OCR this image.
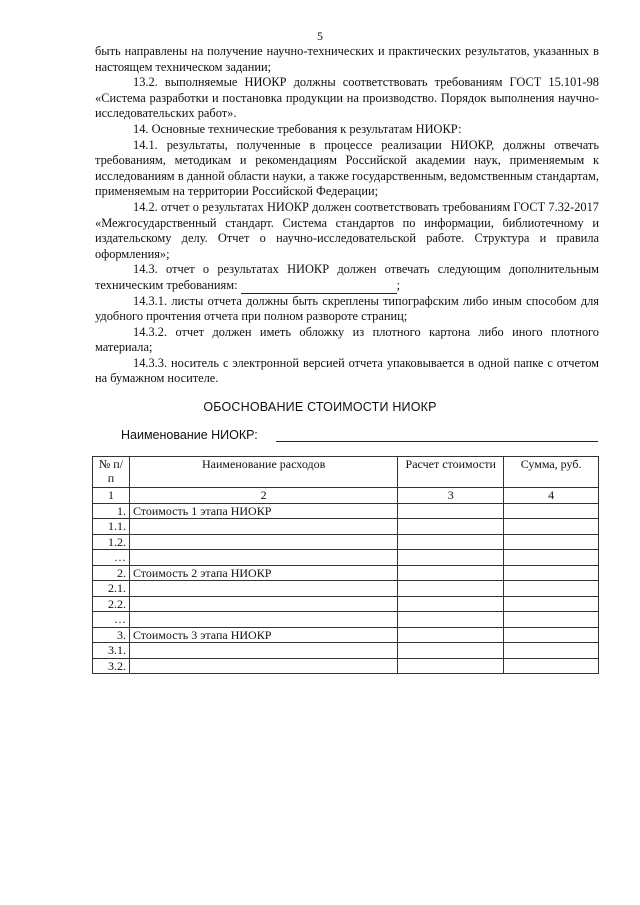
5

быть направлены на получение научно-технических и практических результатов, указанных в настоящем техническом задании;

13.2. выполняемые НИОКР должны соответствовать требованиям ГОСТ 15.101-98 «Система разработки и постановка продукции на производство. Порядок выполнения научно-исследовательских работ».

14. Основные технические требования к результатам НИОКР:

14.1. результаты, полученные в процессе реализации НИОКР, должны отвечать требованиям, методикам и рекомендациям Российской академии наук, применяемым к исследованиям в данной области науки, а также государственным, ведомственным стандартам, применяемым на территории Российской Федерации;

14.2. отчет о результатах НИОКР должен соответствовать требованиям ГОСТ 7.32-2017 «Межгосударственный стандарт. Система стандартов по информации, библиотечному и издательскому делу. Отчет о научно-исследовательской работе. Структура и правила оформления»;

14.3. отчет о результатах НИОКР должен отвечать следующим дополнительным техническим требованиям:	;

14.3.1. листы отчета должны быть скреплены типографским либо иным способом для удобного прочтения отчета при полном развороте страниц;

14.3.2. отчет должен иметь обложку из плотного картона либо иного плотного материала;

14.3.3. носитель с электронной версией отчета упаковывается в одной папке с отчетом на бумажном носителе.

ОБОСНОВАНИЕ СТОИМОСТИ НИОКР
Наименование НИОКР:
№ п/п	Наименование расходов	Расчет стоимости	Сумма, руб.
1	2	3	4
1.	Стоимость 1 этапа НИОКР		
1.1.			
1.2.			
…			
2.	Стоимость 2 этапа НИОКР		
2.1.			
2.2.			
…			
3.	Стоимость 3 этапа НИОКР		
3.1.			
3.2.			
